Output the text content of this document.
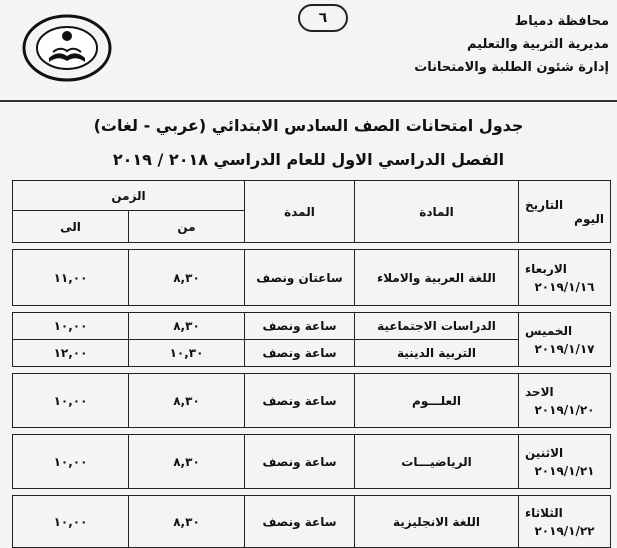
٦	محافظة دمياط
مديرية التربية والتعليم
إدارة شئون الطلبة والامتحانات
جدول امتحانات الصف السادس الابتدائي (عربي - لغات)
الفصل الدراسي الاول للعام الدراسي ٢٠١٨ / ٢٠١٩
التاريخ
اليوم	المادة	المدة	الزمن	
			من	الى

الاربعاء
٢٠١٩/١/١٦	اللغة العربية والاملاء	ساعتان ونصف	٨,٣٠	١١,٠٠

الخميس
٢٠١٩/١/١٧	الدراسات الاجتماعية	ساعة ونصف	٨,٣٠	١٠,٠٠
	التربية الدينية	ساعة ونصف	١٠,٣٠	١٢,٠٠

الاحد
٢٠١٩/١/٢٠	العلـــوم	ساعة ونصف	٨,٣٠	١٠,٠٠

الاثنين
٢٠١٩/١/٢١	الرياضيـــات	ساعة ونصف	٨,٣٠	١٠,٠٠

الثلاثاء
٢٠١٩/١/٢٢	اللغة الانجليزية	ساعة ونصف	٨,٣٠	١٠,٠٠
